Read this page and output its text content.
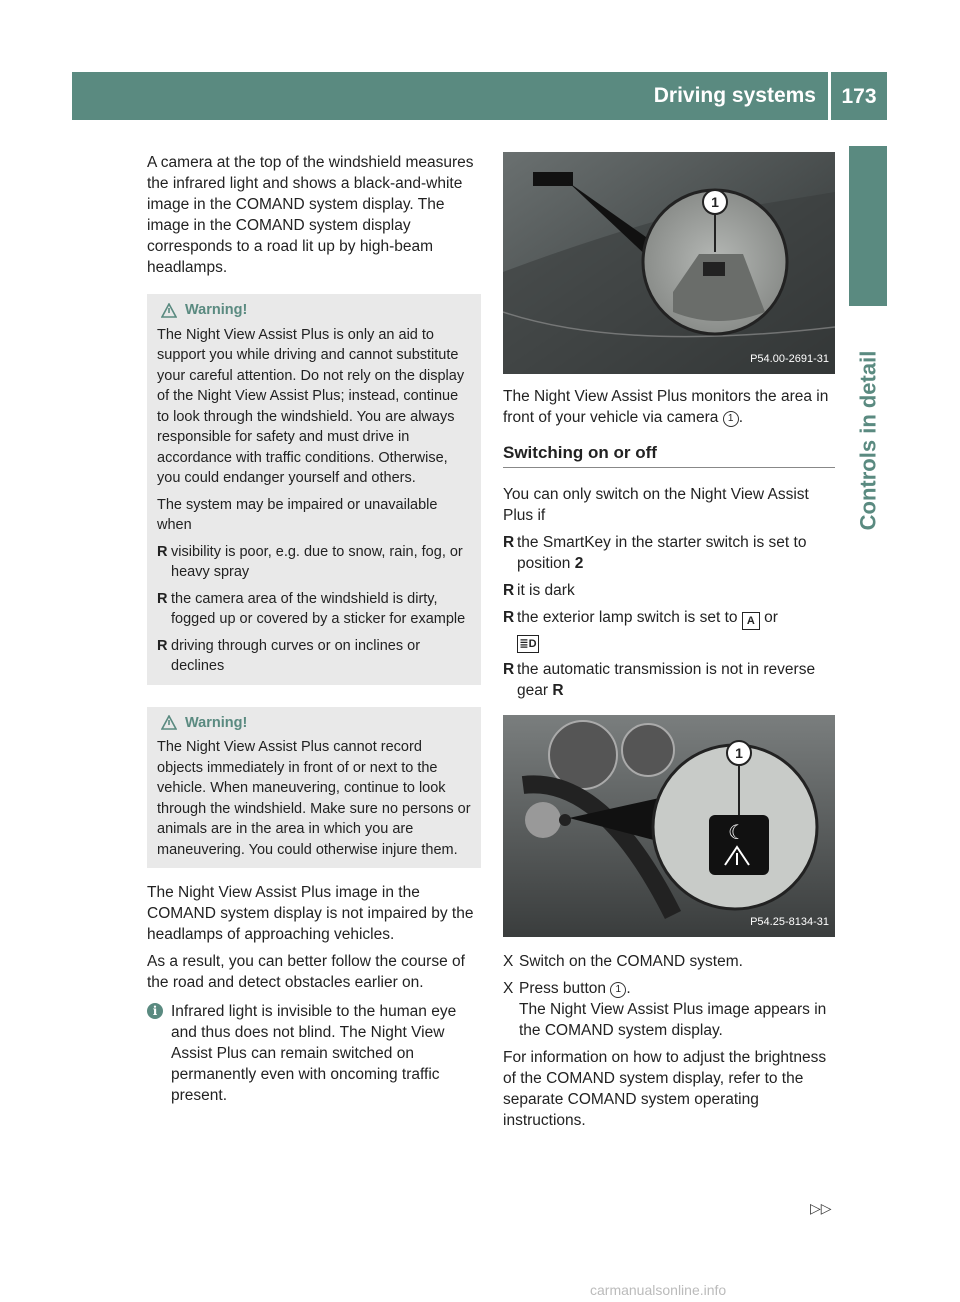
Driving systems	173
Controls in detail

A camera at the top of the windshield measures the infrared light and shows a black-and-white image in the COMAND system display. The image in the COMAND system display corresponds to a road lit up by high-beam headlamps.

Warning!

The Night View Assist Plus is only an aid to support you while driving and cannot substitute your careful attention. Do not rely on the display of the Night View Assist Plus; instead, continue to look through the windshield. You are always responsible for safety and must drive in accordance with traffic conditions. Otherwise, you could endanger yourself and others.

The system may be impaired or unavailable when

R visibility is poor, e.g. due to snow, rain, fog, or heavy spray
R the camera area of the windshield is dirty, fogged up or covered by a sticker for example
R driving through curves or on inclines or declines
Warning!

The Night View Assist Plus cannot record objects immediately in front of or next to the vehicle. When maneuvering, continue to look through the windshield. Make sure no persons or animals are in the area in which you are maneuvering. You could otherwise injure them.

The Night View Assist Plus image in the COMAND system display is not impaired by the headlamps of approaching vehicles.

As a result, you can better follow the course of the road and detect obstacles earlier on.

i Infrared light is invisible to the human eye and thus does not blind. The Night View Assist Plus can remain switched on permanently even with oncoming traffic present.
1
P54.00-2691-31

The Night View Assist Plus monitors the area in front of your vehicle via camera 1 .

Switching on or off

You can only switch on the Night View Assist Plus if

R the SmartKey in the starter switch is set to position 2
R it is dark
R the exterior lamp switch is set to A or
≣D
R the automatic transmission is not in reverse gear R
☾
1
P54.25-8134-31
X Switch on the COMAND system.
X Press button 1 .
The Night View Assist Plus image appears in the COMAND system display.

For information on how to adjust the brightness of the COMAND system display, refer to the separate COMAND system operating instructions.

▷▷
carmanualsonline.info
